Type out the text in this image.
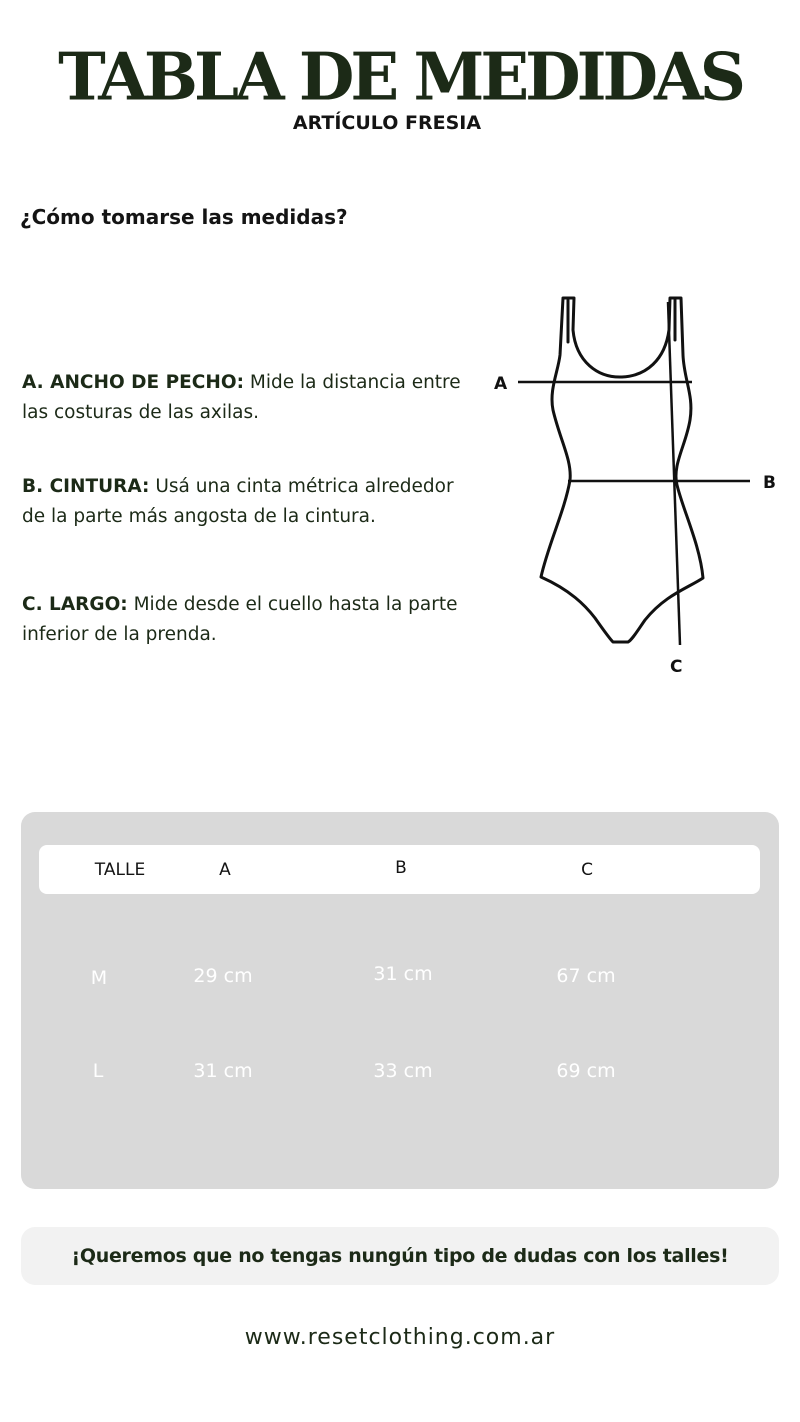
TABLA DE MEDIDAS
ARTÍCULO FRESIA
¿Cómo tomarse las medidas?
A. ANCHO DE PECHO: Mide la distancia entre las costuras de las axilas.
B. CINTURA: Usá una cinta métrica alrededor de la parte más angosta de la cintura.
C. LARGO: Mide desde el cuello hasta la parte inferior de la prenda.
A
B
C
TALLE	A	B	C
M	29 cm	31 cm	67 cm
L	31 cm	33 cm	69 cm
¡Queremos que no tengas nungún tipo de dudas con los talles!
www.resetclothing.com.ar
